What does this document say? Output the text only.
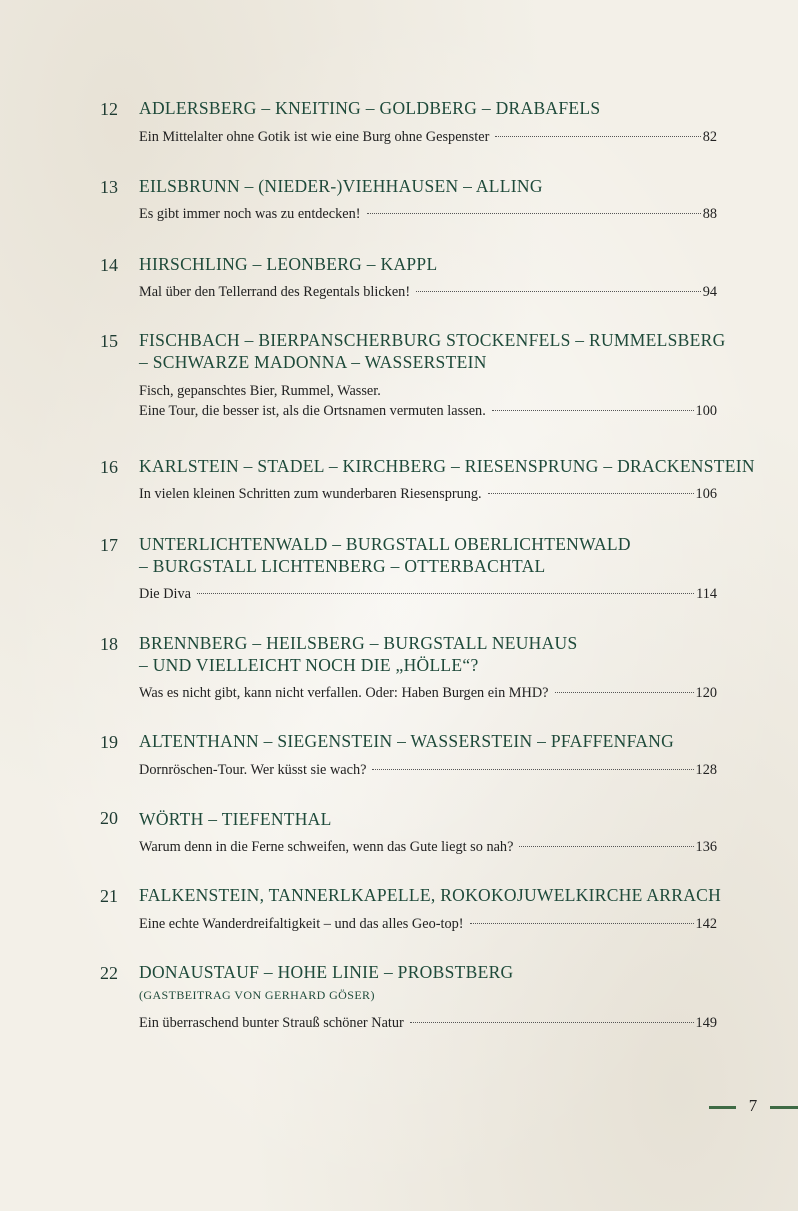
12 ADLERSBERG – KNEITING – GOLDBERG – DRABAFELS
Ein Mittelalter ohne Gotik ist wie eine Burg ohne Gespenster	82
13 EILSBRUNN – (NIEDER-)VIEHHAUSEN – ALLING
Es gibt immer noch was zu entdecken!	88
14 HIRSCHLING – LEONBERG – KAPPL
Mal über den Tellerrand des Regentals blicken!	94
15 FISCHBACH – BIERPANSCHERBURG STOCKENFELS – RUMMELSBERG
– SCHWARZE MADONNA – WASSERSTEIN
Fisch, gepanschtes Bier, Rummel, Wasser.
Eine Tour, die besser ist, als die Ortsnamen vermuten lassen.	100
16 KARLSTEIN – STADEL – KIRCHBERG – RIESENSPRUNG – DRACKENSTEIN
In vielen kleinen Schritten zum wunderbaren Riesensprung.	106
17 UNTERLICHTENWALD – BURGSTALL OBERLICHTENWALD
– BURGSTALL LICHTENBERG – OTTERBACHTAL
Die Diva	114
18 BRENNBERG – HEILSBERG – BURGSTALL NEUHAUS
– UND VIELLEICHT NOCH DIE „HÖLLE“?
Was es nicht gibt, kann nicht verfallen. Oder: Haben Burgen ein MHD?	120
19 ALTENTHANN – SIEGENSTEIN – WASSERSTEIN – PFAFFENFANG
Dornröschen-Tour. Wer küsst sie wach?	128
20 WÖRTH – TIEFENTHAL
Warum denn in die Ferne schweifen, wenn das Gute liegt so nah?	136
21 FALKENSTEIN, TANNERLKAPELLE, ROKOKOJUWELKIRCHE ARRACH
Eine echte Wanderdreifaltigkeit – und das alles Geo-top!	142
22 DONAUSTAUF – HOHE LINIE – PROBSTBERG
(GASTBEITRAG VON GERHARD GÖSER)
Ein überraschend bunter Strauß schöner Natur	149
7
